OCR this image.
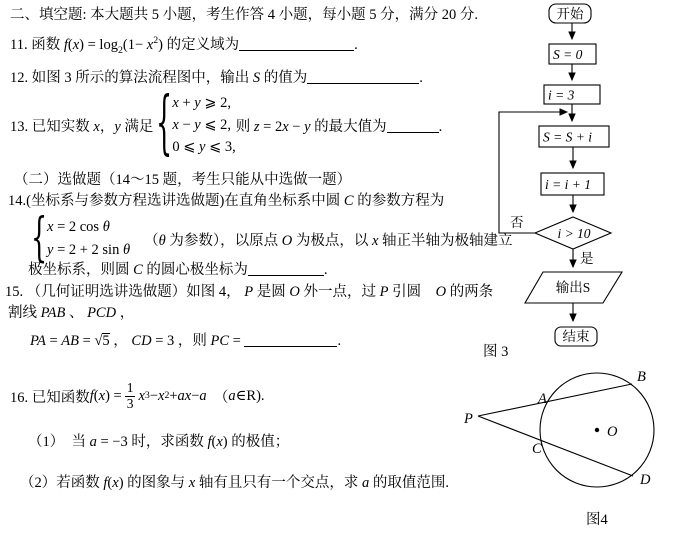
二、填空题: 本大题共 5 小题，考生作答 4 小题，每小题 5 分，满分 20 分.
11. 函数 $f(x) = \log_2(1- x^2)$ 的定义域为	.
12. 如图 3 所示的算法流程图中，输出 S 的值为	.
13. 已知实数 x，y 满足 { x + y ⩾ 2,
x − y ⩽ 2,
0 ⩽ y ⩽ 3,
则 z = 2x − y 的最大值为	.
（二）选做题（14～15 题，考生只能从中选做一题）
14.(坐标系与参数方程选讲选做题)在直角坐标系中圆 C 的参数方程为
{ x = 2 cos θ
y = 2 + 2 sin θ
（θ 为参数），以原点 O 为极点，以 x 轴正半轴为极轴建立
极坐标系，则圆 C 的圆心极坐标为	.
15. （几何证明选讲选做题）如图 4， P 是圆 O 外一点，过 P 引圆　O 的两条
割线 PAB 、 PCD ，
PA = AB = √5 ， CD = 3 ，则 PC =	.
16. 已知函数 f ( x ) = $\frac{1}{3}$ x 3 − x 2 + ax − a 　（ a ∈R).
（1）　当 a = −3 时，求函数 f(x) 的极值；
（2）若函数 f(x) 的图象与 x 轴有且只有一个交点，求 a 的取值范围.
开始
S = 0
i = 3
S = S + i
i = i + 1
i > 10
是
否
输出S
结束
图 3
P
A
B
C
D
O
图4
